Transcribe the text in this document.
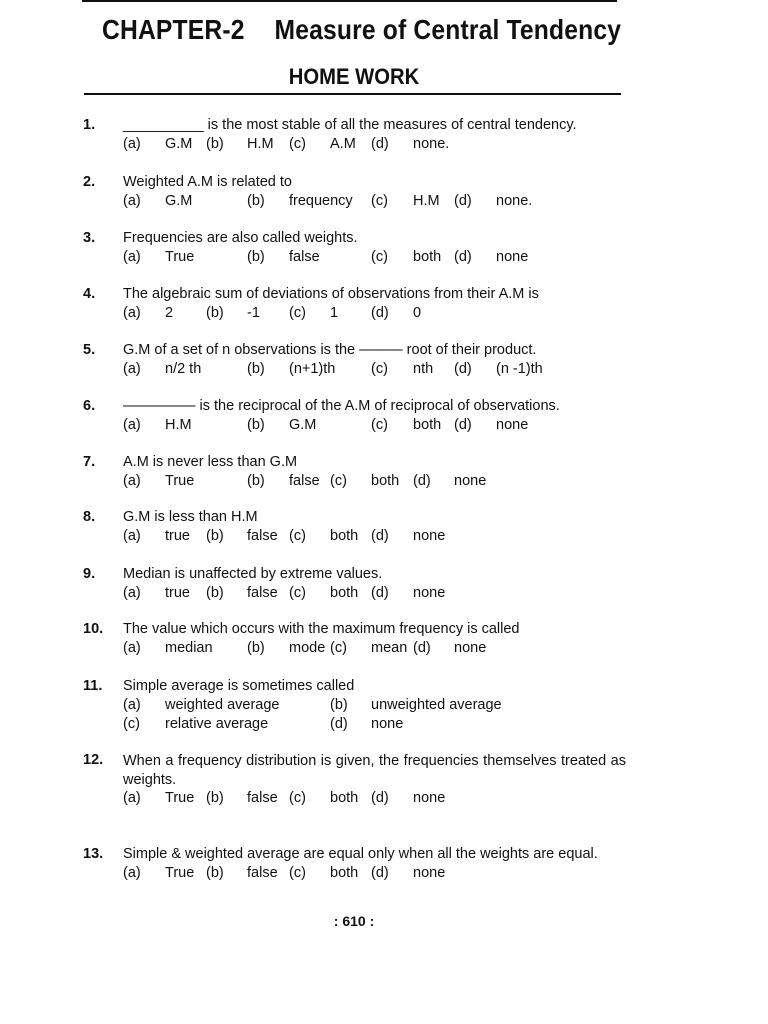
CHAPTER-2 Measure of Central Tendency
HOME WORK
1. __________ is the most stable of all the measures of central tendency.
(a) G.M (b) H.M (c) A.M (d) none.
2. Weighted A.M is related to
(a) G.M	(b) frequency (c) H.M (d) none.
3. Frequencies are also called weights.
(a) True	(b) false	(c) both (d) none
4. The algebraic sum of deviations of observations from their A.M is
(a) 2 (b) -1 (c) 1 (d) 0
5. G.M of a set of n observations is the ——— root of their product.
(a) n/2 th	(b) (n+1)th (c) nth (d) (n -1)th
6. ————— is the reciprocal of the A.M of reciprocal of observations.
(a) H.M	(b) G.M	(c) both (d) none
7. A.M is never less than G.M
(a) True	(b) false (c) both (d) none
8. G.M is less than H.M
(a) true (b) false (c) both (d) none
9. Median is unaffected by extreme values.
(a) true (b) false (c) both (d) none
10. The value which occurs with the maximum frequency is called
(a) median (b) mode (c) mean (d) none
11. Simple average is sometimes called
(a) weighted average	(b) unweighted average
(c) relative average	(d) none
12. When a frequency distribution is given, the frequencies themselves treated as weights.
(a) True (b) false (c) both (d) none
13. Simple & weighted average are equal only when all the weights are equal.
(a) True (b) false (c) both (d) none
: 610 :
